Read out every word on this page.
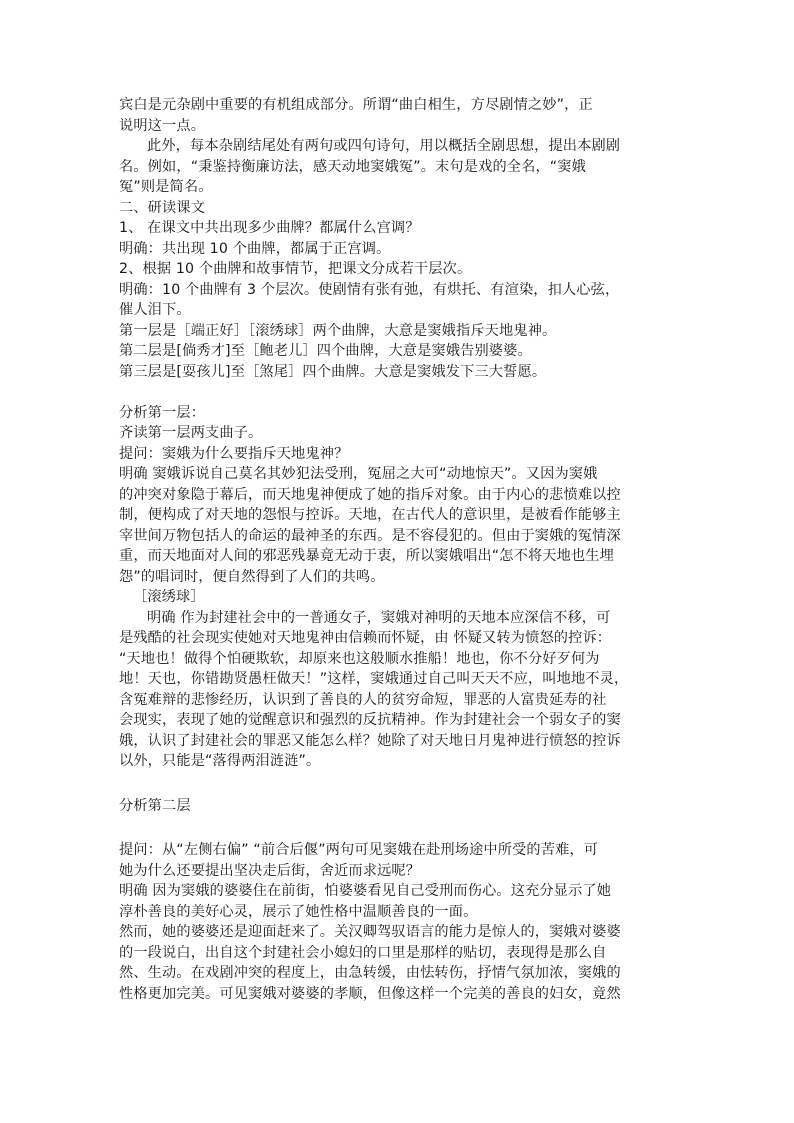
宾白是元杂剧中重要的有机组成部分。所谓“曲白相生，方尽剧情之妙”，正
说明这一点。
此外，每本杂剧结尾处有两句或四句诗句，用以概括全剧思想，提出本剧剧
名。例如，“秉鉴持衡廉访法，感天动地窦娥冤”。末句是戏的全名，“窦娥
冤”则是简名。
二、研读课文
1、 在课文中共出现多少曲牌？都属什么宫调？
明确：共出现 10 个曲牌，都属于正宫调。
2、根据 10 个曲牌和故事情节，把课文分成若干层次。
明确：10 个曲牌有 3 个层次。使剧情有张有弛，有烘托、有渲染，扣人心弦，
催人泪下。
第一层是［端正好］［滚绣球］两个曲牌，大意是窦娥指斥天地鬼神。
第二层是[倘秀才]至［鲍老儿］四个曲牌，大意是窦娥告别婆婆。
第三层是[耍孩儿]至［煞尾］四个曲牌。大意是窦娥发下三大誓愿。
分析第一层：
齐读第一层两支曲子。
提问：窦娥为什么要指斥天地鬼神？
明确 窦娥诉说自己莫名其妙犯法受刑，冤屈之大可“动地惊天”。又因为窦娥
的冲突对象隐于幕后，而天地鬼神便成了她的指斥对象。由于内心的悲愤难以控
制，便构成了对天地的怨恨与控诉。天地，在古代人的意识里，是被看作能够主
宰世间万物包括人的命运的最神圣的东西。是不容侵犯的。但由于窦娥的冤情深
重，而天地面对人间的邪恶残暴竟无动于衷，所以窦娥唱出“怎不将天地也生埋
怨”的唱词时，便自然得到了人们的共鸣。
［滚绣球］
明确 作为封建社会中的一普通女子，窦娥对神明的天地本应深信不移，可
是残酷的社会现实使她对天地鬼神由信赖而怀疑，由 怀疑又转为愤怒的控诉：
“天地也！做得个怕硬欺软，却原来也这般顺水推船！地也，你不分好歹何为
地！天也，你错勘贤愚枉做天！”这样，窦娥通过自己叫天天不应，叫地地不灵，
含冤难辩的悲惨经历，认识到了善良的人的贫穷命短，罪恶的人富贵延寿的社
会现实，表现了她的觉醒意识和强烈的反抗精神。作为封建社会一个弱女子的窦
娥，认识了封建社会的罪恶又能怎么样？她除了对天地日月鬼神进行愤怒的控诉
以外，只能是“落得两泪涟涟”。
分析第二层
提问：从“左侧右偏” “前合后偃”两句可见窦娥在赴刑场途中所受的苦难，可
她为什么还要提出坚决走后街，舍近而求远呢？
明确 因为窦娥的婆婆住在前街，怕婆婆看见自己受刑而伤心。这充分显示了她
淳朴善良的美好心灵，展示了她性格中温顺善良的一面。
然而，她的婆婆还是迎面赶来了。关汉卿驾驭语言的能力是惊人的，窦娥对婆婆
的一段说白，出自这个封建社会小媳妇的口里是那样的贴切，表现得是那么自
然、生动。在戏剧冲突的程度上，由急转缓，由怯转伤，抒情气氛加浓，窦娥的
性格更加完美。可见窦娥对婆婆的孝顺，但像这样一个完美的善良的妇女，竟然
